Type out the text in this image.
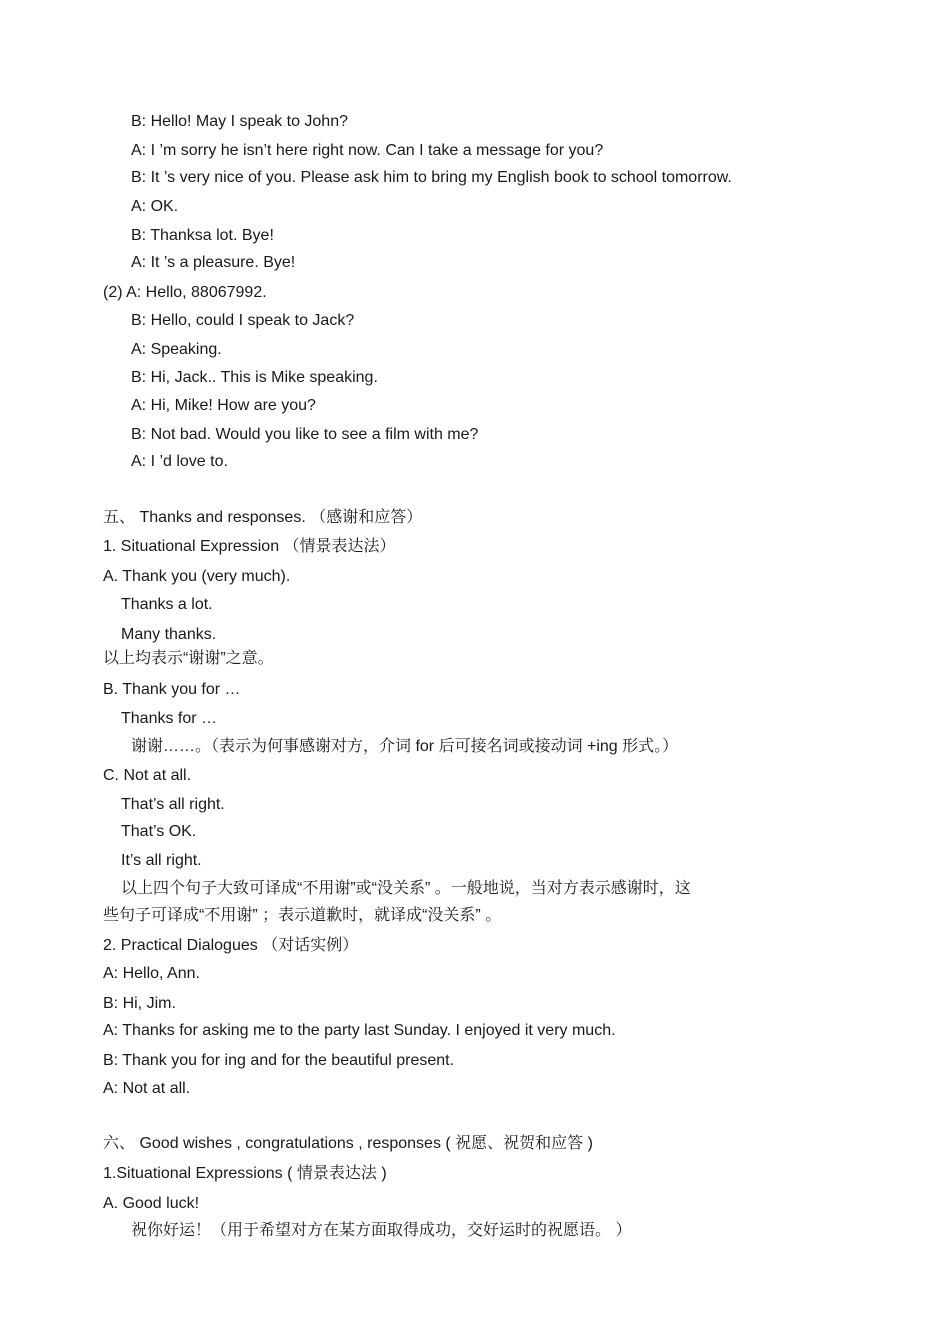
B: Hello! May I speak to John?
A: I ’m sorry he isn’t here right now. Can I take a message for you?
B: It ’s very nice of you. Please ask him to bring my English book to school tomorrow.
A: OK.
B: Thanksa lot. Bye!
A: It ’s a pleasure. Bye!
(2) A: Hello, 88067992.
B: Hello, could I speak to Jack?
A: Speaking.
B: Hi, Jack.. This is Mike speaking.
A: Hi, Mike! How are you?
B: Not bad. Would you like to see a film with me?
A: I ’d love to.
五、 Thanks and responses. （感谢和应答）
1. Situational Expression （情景表达法）
A. Thank you (very much).
Thanks a lot.
Many thanks.
以上均表示“谢谢”之意。
B. Thank you for …
Thanks for …
谢谢……。（表示为何事感谢对方，介词 for 后可接名词或接动词 +ing 形式。）
C. Not at all.
That’s all right.
That’s OK.
It’s all right.
以上四个句子大致可译成“不用谢”或“没关系” 。一般地说，当对方表示感谢时，这
些句子可译成“不用谢” ；表示道歉时，就译成“没关系” 。
2. Practical Dialogues （对话实例）
A: Hello, Ann.
B: Hi, Jim.
A: Thanks for asking me to the party last Sunday. I enjoyed it very much.
B: Thank you for ing and for the beautiful present.
A: Not at all.
六、 Good wishes , congratulations , responses ( 祝愿、祝贺和应答 )
1.Situational Expressions ( 情景表达法 )
A. Good luck!
祝你好运！（用于希望对方在某方面取得成功，交好运时的祝愿语。 ）
